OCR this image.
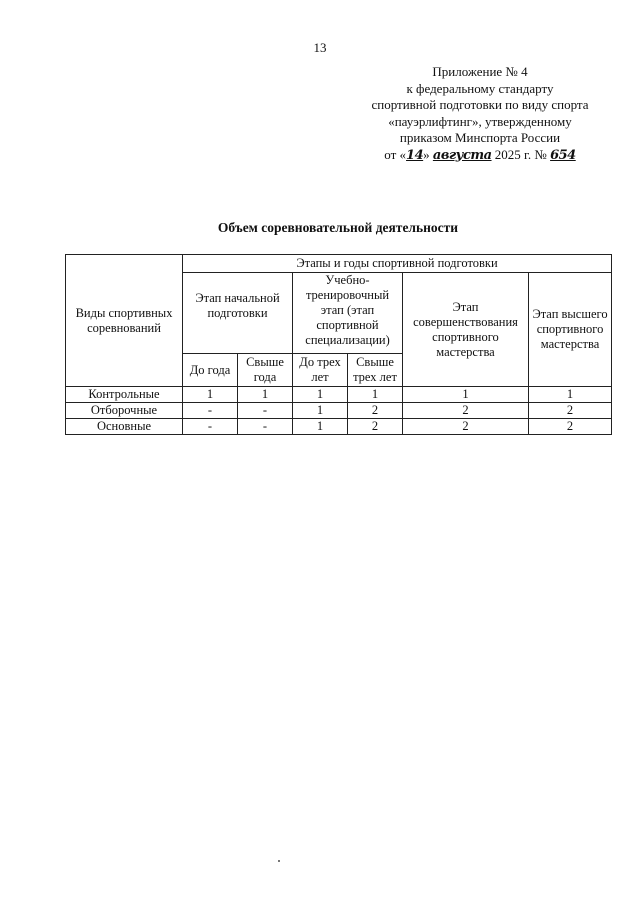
13
Приложение № 4
к федеральному стандарту
спортивной подготовки по виду спорта
«пауэрлифтинг», утвержденному
приказом Минспорта России
от «14» августа 2025 г. № 654
Объем соревновательной деятельности
Виды спортивных соревнований	Этапы и годы спортивной подготовки					
	Этап начальной подготовки		Учебно-тренировочный этап (этап спортивной специализации)		Этап совершенствования спортивного мастерства	Этап высшего спортивного мастерства
	До года	Свыше года	До трех лет	Свыше трех лет		
Контрольные	1	1	1	1	1	1
Отборочные	-	-	1	2	2	2
Основные	-	-	1	2	2	2
